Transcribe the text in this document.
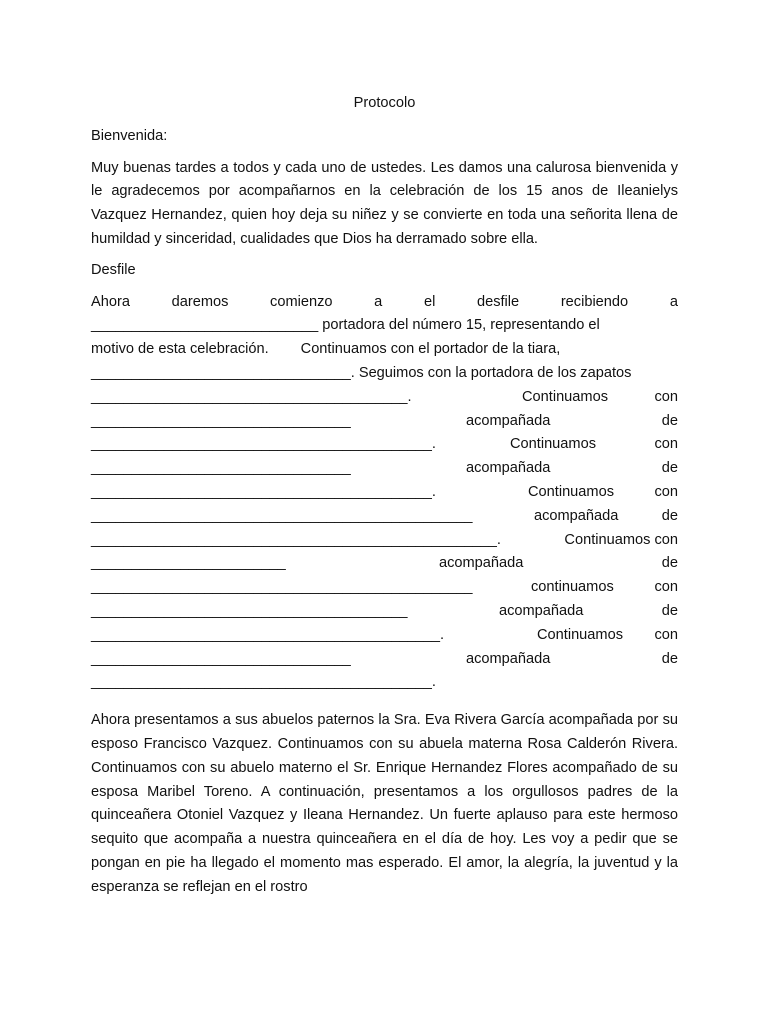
Protocolo
Bienvenida:
Muy buenas tardes a todos y cada uno de ustedes. Les damos una calurosa bienvenida y le agradecemos por acompañarnos en la celebración de los 15 anos de Ileanielys Vazquez Hernandez, quien hoy deja su niñez y se convierte en toda una señorita llena de humildad y sinceridad, cualidades que Dios ha derramado sobre ella.
Desfile
Ahora	daremos	comienzo	a	el	desfile	recibiendo	a
____________________________ portadora del número 15, representando el
motivo de esta celebración. Continuamos con el portador de la tiara,
________________________________. Seguimos con la portadora de los zapatos
_______________________________________.	Continuamos	con
________________________________	acompañada	de
__________________________________________.	Continuamos	con
________________________________	acompañada	de
__________________________________________.	Continuamos	con
_______________________________________________	acompañada	de
__________________________________________________.	Continuamos con
________________________	acompañada	de
_______________________________________________	continuamos	con
_______________________________________	acompañada	de
___________________________________________.	Continuamos con
________________________________	acompañada	de
__________________________________________.
Ahora presentamos a sus abuelos paternos la Sra. Eva Rivera García acompañada por su esposo Francisco Vazquez. Continuamos con su abuela materna Rosa Calderón Rivera. Continuamos con su abuelo materno el Sr. Enrique Hernandez Flores acompañado de su esposa Maribel Toreno. A continuación, presentamos a los orgullosos padres de la quinceañera Otoniel Vazquez y Ileana Hernandez. Un fuerte aplauso para este hermoso sequito que acompaña a nuestra quinceañera en el día de hoy. Les voy a pedir que se pongan en pie ha llegado el momento mas esperado. El amor, la alegría, la juventud y la esperanza se reflejan en el rostro
